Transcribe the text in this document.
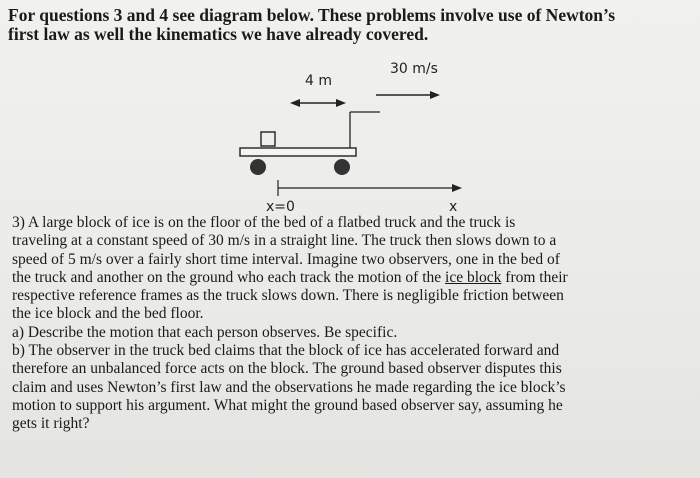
For questions 3 and 4 see diagram below. These problems involve use of Newton’s
first law as well the kinematics we have already covered.
30 m/s
4 m
x=0	x
3) A large block of ice is on the floor of the bed of a flatbed truck and the truck is
traveling at a constant speed of 30 m/s in a straight line. The truck then slows down to a
speed of 5 m/s over a fairly short time interval. Imagine two observers, one in the bed of
the truck and another on the ground who each track the motion of the ice block from their
respective reference frames as the truck slows down. There is negligible friction between
the ice block and the bed floor.
a) Describe the motion that each person observes. Be specific.
b) The observer in the truck bed claims that the block of ice has accelerated forward and
therefore an unbalanced force acts on the block. The ground based observer disputes this
claim and uses Newton’s first law and the observations he made regarding the ice block’s
motion to support his argument. What might the ground based observer say, assuming he
gets it right?
